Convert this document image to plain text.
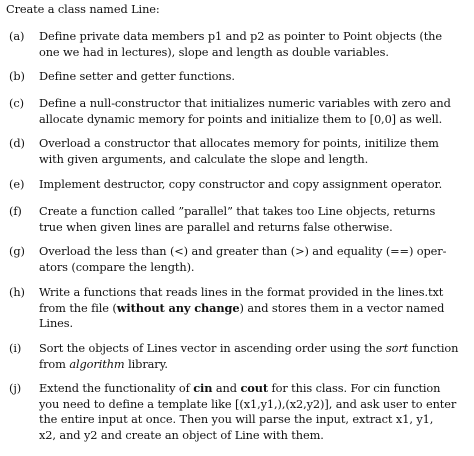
Create a class named Line:
(a)	Define private data members p1 and p2 as pointer to Point objects (the
one we had in lectures), slope and length as double variables.
(b)	Define setter and getter functions.
(c)	Define a null-constructor that initializes numeric variables with zero and
allocate dynamic memory for points and initialize them to [0,0] as well.
(d)	Overload a constructor that allocates memory for points, initilize them
with given arguments, and calculate the slope and length.
(e)	Implement destructor, copy constructor and copy assignment operator.
(f)	Create a function called ”parallel” that takes too Line objects, returns
true when given lines are parallel and returns false otherwise.
(g)	Overload the less than (<) and greater than (>) and equality (==) oper-
ators (compare the length).
(h)	Write a functions that reads lines in the format provided in the lines.txt
from the file (without any change) and stores them in a vector named
Lines.
(i)	Sort the objects of Lines vector in ascending order using the sort function
from algorithm library.
(j)	Extend the functionality of cin and cout for this class. For cin function
you need to define a template like [(x1,y1,),(x2,y2)], and ask user to enter
the entire input at once. Then you will parse the input, extract x1, y1,
x2, and y2 and create an object of Line with them.
